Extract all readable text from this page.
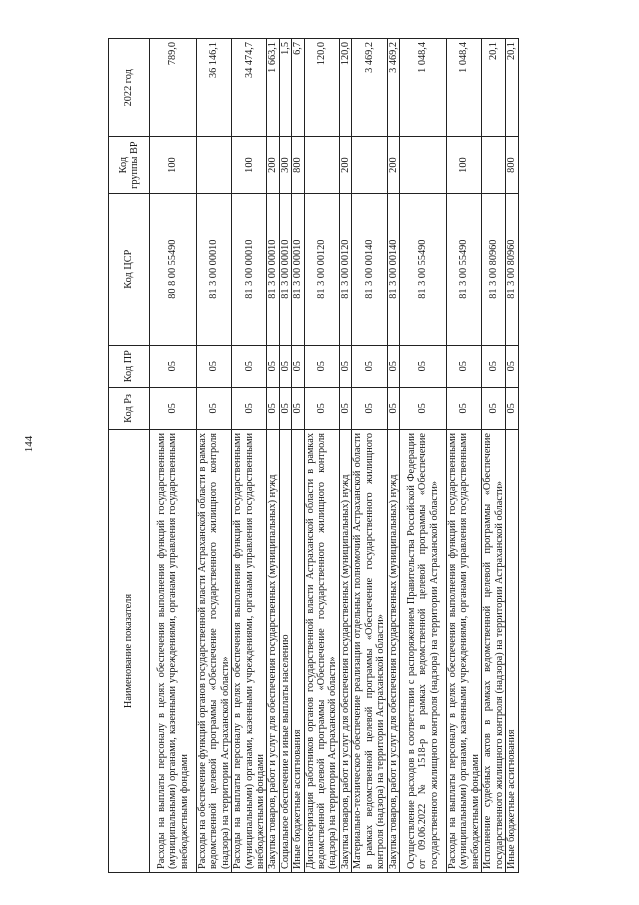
144
Наименование показателя	Код Рз	Код ПР	Код ЦСР	Код группы ВР	2022 год
Расходы на выплаты персоналу в целях обеспечения выполнения функций государственными (муниципальными) органами, казенными учреждениями, органами управления государственными внебюджетными фондами	05	05	80 8 00 55490	100	789,0
Расходы на обеспечение функций органов государственной власти Астраханской области в рамках ведомственной целевой программы «Обеспечение государственного жилищного контроля (надзора) на территории Астраханской области»	05	05	81 3 00 00010		36 146,1
Расходы на выплаты персоналу в целях обеспечения выполнения функций государственными (муниципальными) органами, казенными учреждениями, органами управления государственными внебюджетными фондами	05	05	81 3 00 00010	100	34 474,7
Закупка товаров, работ и услуг для обеспечения государственных (муниципальных) нужд	05	05	81 3 00 00010	200	1 663,1
Социальное обеспечение и иные выплаты населению	05	05	81 3 00 00010	300	1,5
Иные бюджетные ассигнования	05	05	81 3 00 00010	800	6,7
Диспансеризация работников органов государственной власти Астраханской области в рамках ведомственной целевой программы «Обеспечение государственного жилищного контроля (надзора) на территории Астраханской области»	05	05	81 3 00 00120		120,0
Закупка товаров, работ и услуг для обеспечения государственных (муниципальных) нужд	05	05	81 3 00 00120	200	120,0
Материально-техническое обеспечение реализации отдельных полномочий Астраханской области в рамках ведомственной целевой программы «Обеспечение государственного жилищного контроля (надзора) на территории Астраханской области»	05	05	81 3 00 00140		3 469,2
Закупка товаров, работ и услуг для обеспечения государственных (муниципальных) нужд	05	05	81 3 00 00140	200	3 469,2
Осуществление расходов в соответствии с распоряжением Правительства Российской Федерации от 09.06.2022 № 1518-р в рамках ведомственной целевой программы «Обеспечение государственного жилищного контроля (надзора) на территории Астраханской области»	05	05	81 3 00 55490		1 048,4
Расходы на выплаты персоналу в целях обеспечения выполнения функций государственными (муниципальными) органами, казенными учреждениями, органами управления государственными внебюджетными фондами	05	05	81 3 00 55490	100	1 048,4
Исполнение судебных актов в рамках ведомственной целевой программы «Обеспечение государственного жилищного контроля (надзора) на территории Астраханской области»	05	05	81 3 00 80960		20,1
Иные бюджетные ассигнования	05	05	81 3 00 80960	800	20,1
